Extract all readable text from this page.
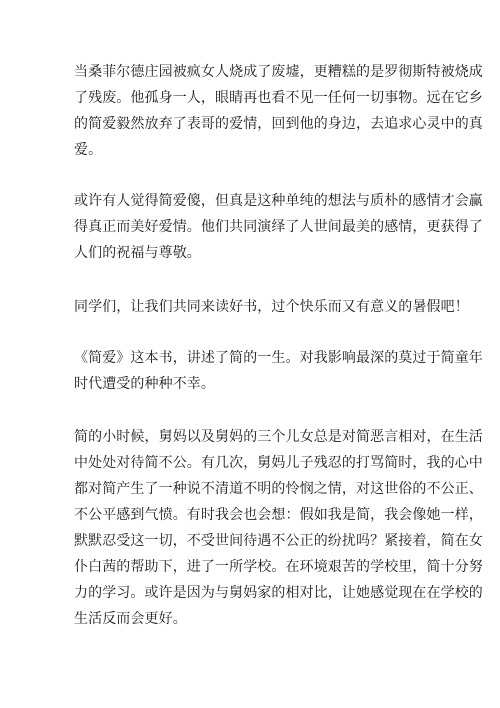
当桑菲尔德庄园被疯女人烧成了废墟，更糟糕的是罗彻斯特被烧成
了残废。他孤身一人，眼睛再也看不见一任何一切事物。远在它乡
的简爱毅然放弃了表哥的爱情，回到他的身边，去追求心灵中的真
爱。

或许有人觉得简爱傻，但真是这种单纯的想法与质朴的感情才会赢
得真正而美好爱情。他们共同演绎了人世间最美的感情，更获得了
人们的祝福与尊敬。

同学们，让我们共同来读好书，过个快乐而又有意义的暑假吧！

《简爱》这本书，讲述了简的一生。对我影响最深的莫过于简童年
时代遭受的种种不幸。

简的小时候，舅妈以及舅妈的三个儿女总是对简恶言相对，在生活
中处处对待简不公。有几次，舅妈儿子残忍的打骂简时，我的心中
都对简产生了一种说不清道不明的怜悯之情，对这世俗的不公正、
不公平感到气愤。有时我会也会想：假如我是简，我会像她一样，
默默忍受这一切，不受世间待遇不公正的纷扰吗？紧接着，简在女
仆白茜的帮助下，进了一所学校。在环境艰苦的学校里，简十分努
力的学习。或许是因为与舅妈家的相对比，让她感觉现在在学校的
生活反而会更好。
